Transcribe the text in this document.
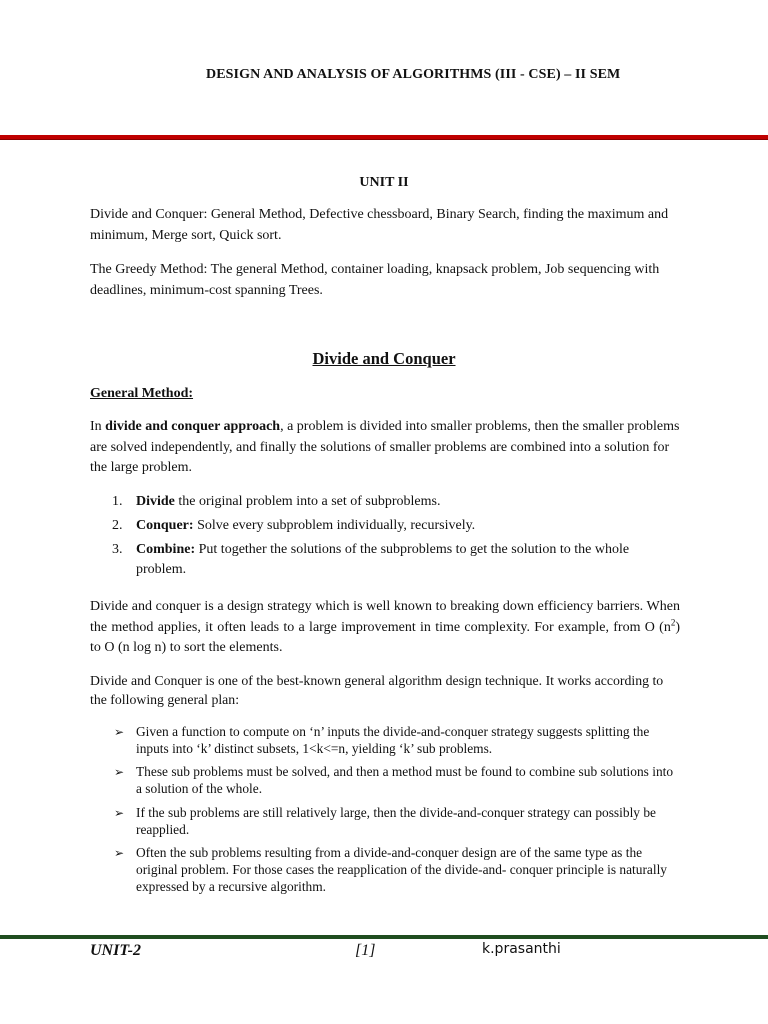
DESIGN AND ANALYSIS OF ALGORITHMS (III - CSE) – II SEM
UNIT II
Divide and Conquer: General Method, Defective chessboard, Binary Search, finding the maximum and minimum, Merge sort, Quick sort.
The Greedy Method: The general Method, container loading, knapsack problem, Job sequencing with deadlines, minimum-cost spanning Trees.
Divide and Conquer
General Method:
In divide and conquer approach, a problem is divided into smaller problems, then the smaller problems are solved independently, and finally the solutions of smaller problems are combined into a solution for the large problem.
1. Divide the original problem into a set of subproblems.
2. Conquer: Solve every subproblem individually, recursively.
3. Combine: Put together the solutions of the subproblems to get the solution to the whole problem.
Divide and conquer is a design strategy which is well known to breaking down efficiency barriers. When the method applies, it often leads to a large improvement in time complexity. For example, from O $(n^2)$ to O (n log n) to sort the elements.
Divide and Conquer is one of the best-known general algorithm design technique. It works according to the following general plan:
➢ Given a function to compute on ‘n’ inputs the divide-and-conquer strategy suggests splitting the inputs into ‘k’ distinct subsets, 1<k<=n, yielding ‘k’ sub problems.
➢ These sub problems must be solved, and then a method must be found to combine sub solutions into a solution of the whole.
➢ If the sub problems are still relatively large, then the divide-and-conquer strategy can possibly be reapplied.
➢ Often the sub problems resulting from a divide-and-conquer design are of the same type as the original problem. For those cases the reapplication of the divide-and- conquer principle is naturally expressed by a recursive algorithm.
UNIT-2	[1]	k.prasanthi
